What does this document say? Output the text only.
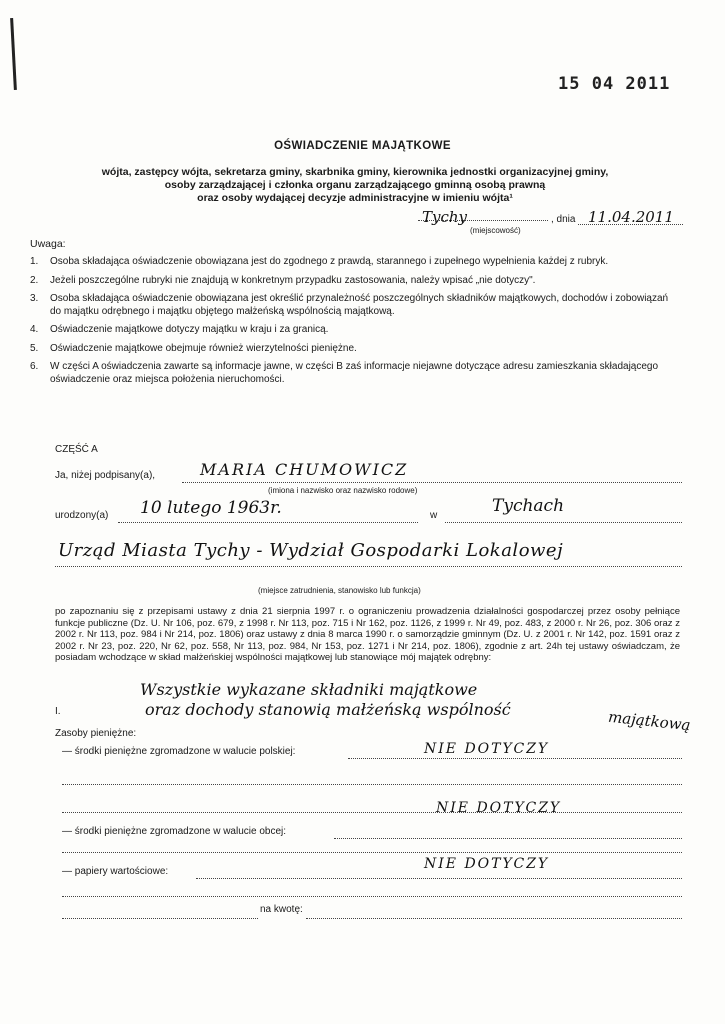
15 04 2011
OŚWIADCZENIE MAJĄTKOWE
wójta, zastępcy wójta, sekretarza gminy, skarbnika gminy, kierownika jednostki organizacyjnej gminy,
osoby zarządzającej i członka organu zarządzającego gminną osobą prawną
oraz osoby wydającej decyzje administracyjne w imieniu wójta¹
Tychy	, dnia 11.04.2011
(miejscowość)
Uwaga:
1.	Osoba składająca oświadczenie obowiązana jest do zgodnego z prawdą, starannego i zupełnego wypełnienia każdej z rubryk.
2.	Jeżeli poszczególne rubryki nie znajdują w konkretnym przypadku zastosowania, należy wpisać „nie dotyczy".
3.	Osoba składająca oświadczenie obowiązana jest określić przynależność poszczególnych składników majątkowych, dochodów i zobowiązań do majątku odrębnego i majątku objętego małżeńską wspólnością majątkową.
4.	Oświadczenie majątkowe dotyczy majątku w kraju i za granicą.
5.	Oświadczenie majątkowe obejmuje również wierzytelności pieniężne.
6.	W części A oświadczenia zawarte są informacje jawne, w części B zaś informacje niejawne dotyczące adresu zamieszkania składającego oświadczenie oraz miejsca położenia nieruchomości.
CZĘŚĆ A
Ja, niżej podpisany(a),	MARIA CHUMOWICZ
(imiona i nazwisko oraz nazwisko rodowe)
urodzony(a) 10 lutego 1963r.	w	Tychach
Urząd Miasta Tychy - Wydział Gospodarki Lokalowej
(miejsce zatrudnienia, stanowisko lub funkcja)
po zapoznaniu się z przepisami ustawy z dnia 21 sierpnia 1997 r. o ograniczeniu prowadzenia działalności gospodarczej przez osoby pełniące funkcje publiczne (Dz. U. Nr 106, poz. 679, z 1998 r. Nr 113, poz. 715 i Nr 162, poz. 1126, z 1999 r. Nr 49, poz. 483, z 2000 r. Nr 26, poz. 306 oraz z 2002 r. Nr 113, poz. 984 i Nr 214, poz. 1806) oraz ustawy z dnia 8 marca 1990 r. o samorządzie gminnym (Dz. U. z 2001 r. Nr 142, poz. 1591 oraz z 2002 r. Nr 23, poz. 220, Nr 62, poz. 558, Nr 113, poz. 984, Nr 153, poz. 1271 i Nr 214, poz. 1806), zgodnie z art. 24h tej ustawy oświadczam, że posiadam wchodzące w skład małżeńskiej wspólności majątkowej lub stanowiące mój majątek odrębny:
Wszystkie wykazane składniki majątkowe
I.	oraz dochody stanowią małżeńską wspólność	majątkową
Zasoby pieniężne:
— środki pieniężne zgromadzone w walucie polskiej:	NIE DOTYCZY
— środki pieniężne zgromadzone w walucie obcej:
NIE DOTYCZY
— papiery wartościowe:	NIE DOTYCZY
na kwotę:
